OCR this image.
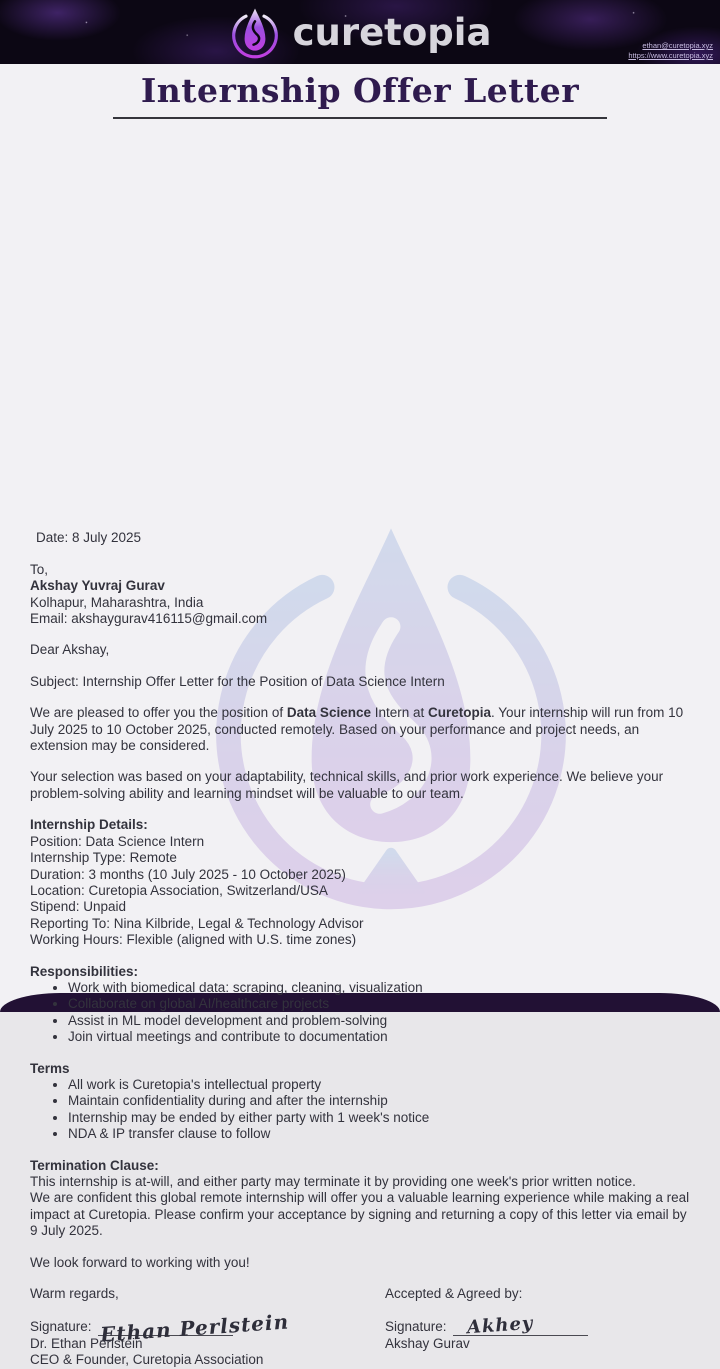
curetopia	ethan@curetopia.xyz
https://www.curetopia.xyz
Internship Offer Letter

Date: 8 July 2025

To,

Akshay Yuvraj Gurav

Kolhapur, Maharashtra, India

Email: akshaygurav416115@gmail.com

Dear Akshay,

Subject: Internship Offer Letter for the Position of Data Science Intern

We are pleased to offer you the position of Data Science Intern at Curetopia. Your internship will run from 10 July 2025 to 10 October 2025, conducted remotely. Based on your performance and project needs, an extension may be considered.

Your selection was based on your adaptability, technical skills, and prior work experience. We believe your problem-solving ability and learning mindset will be valuable to our team.

Internship Details:

Position: Data Science Intern

Internship Type: Remote

Duration: 3 months (10 July 2025 - 10 October 2025)

Location: Curetopia Association, Switzerland/USA

Stipend: Unpaid

Reporting To: Nina Kilbride, Legal & Technology Advisor

Working Hours: Flexible (aligned with U.S. time zones)

Responsibilities:

• Work with biomedical data: scraping, cleaning, visualization
• Collaborate on global AI/healthcare projects
• Assist in ML model development and problem-solving
• Join virtual meetings and contribute to documentation

Terms

• All work is Curetopia's intellectual property
• Maintain confidentiality during and after the internship
• Internship may be ended by either party with 1 week's notice
• NDA & IP transfer clause to follow

Termination Clause:

This internship is at-will, and either party may terminate it by providing one week's prior written notice.

We are confident this global remote internship will offer you a valuable learning experience while making a real impact at Curetopia. Please confirm your acceptance by signing and returning a copy of this letter via email by 9 July 2025.

We look forward to working with you!

Warm regards,

Signature: Ethan Perlstein

Dr. Ethan Perlstein

CEO & Founder, Curetopia Association

Accepted & Agreed by:

Signature: Akhey

Akshay Gurav
